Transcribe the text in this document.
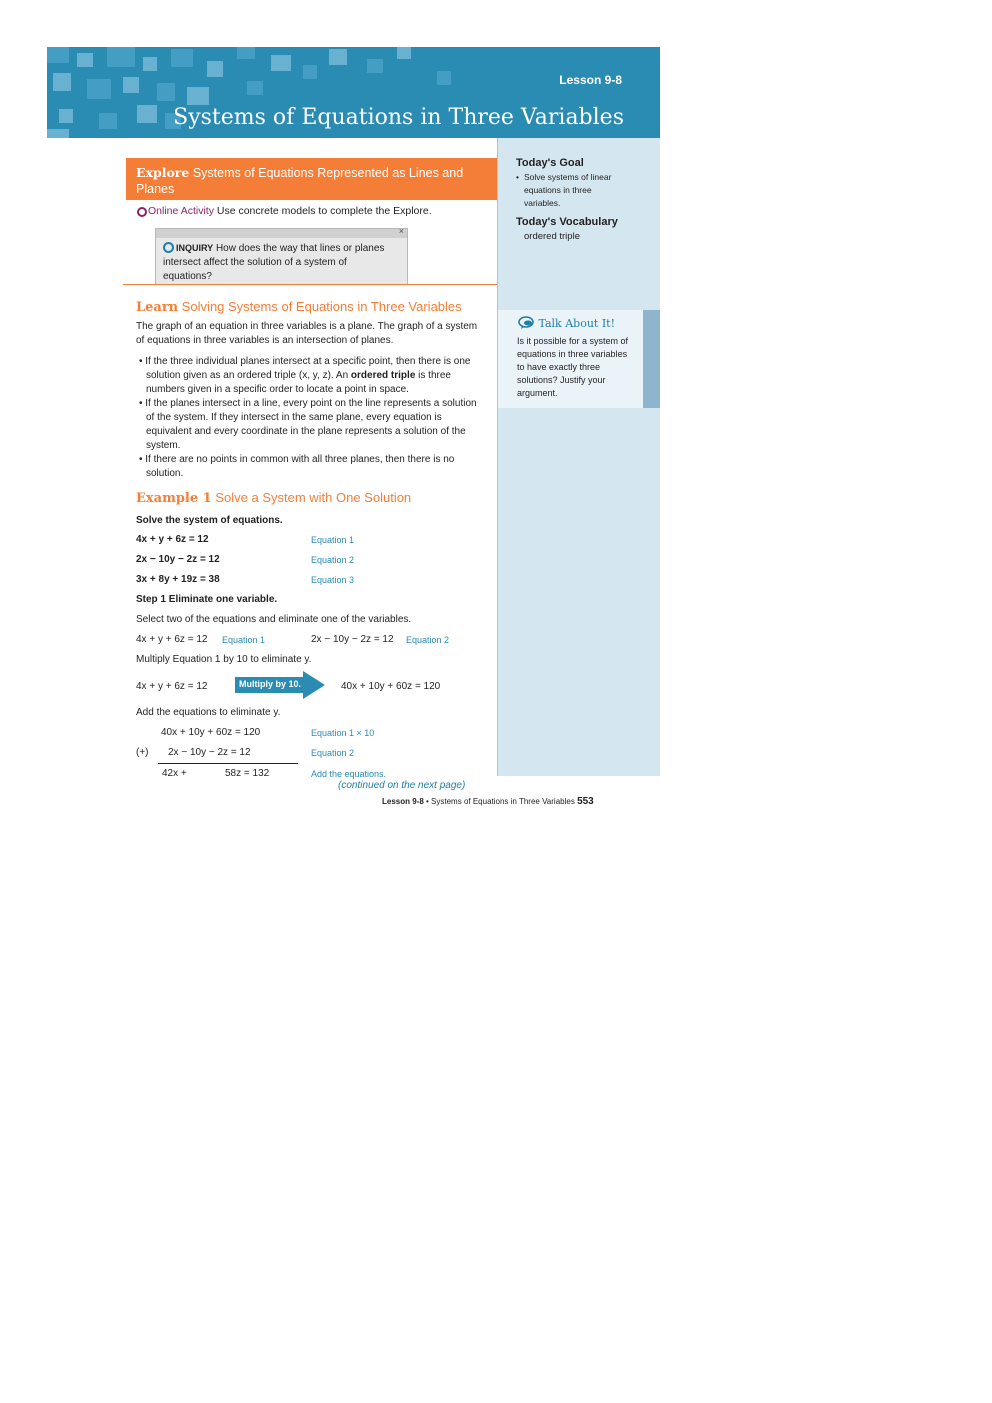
Lesson 9-8
Systems of Equations in Three Variables
Today's Goal
• Solve systems of linear equations in three variables.
Today's Vocabulary
ordered triple
Talk About It!
Is it possible for a system of equations in three variables to have exactly three solutions? Justify your argument.
Explore Systems of Equations Represented as Lines and Planes
Online Activity Use concrete models to complete the Explore.
×
INQUIRY How does the way that lines or planes intersect affect the solution of a system of equations?
Learn Solving Systems of Equations in Three Variables
The graph of an equation in three variables is a plane. The graph of a system of equations in three variables is an intersection of planes.
• If the three individual planes intersect at a specific point, then there is one solution given as an ordered triple (x, y, z). An ordered triple is three numbers given in a specific order to locate a point in space.
• If the planes intersect in a line, every point on the line represents a solution of the system. If they intersect in the same plane, every equation is equivalent and every coordinate in the plane represents a solution of the system.
• If there are no points in common with all three planes, then there is no solution.
Example 1 Solve a System with One Solution
Solve the system of equations.
4x + y + 6z = 12	Equation 1
2x − 10y − 2z = 12	Equation 2
3x + 8y + 19z = 38	Equation 3
Step 1 Eliminate one variable.
Select two of the equations and eliminate one of the variables.
4x + y + 6z = 12 Equation 1	2x − 10y − 2z = 12 Equation 2
Multiply Equation 1 by 10 to eliminate y.
4x + y + 6z = 12	Multiply by 10.	40x + 10y + 60z = 120
Add the equations to eliminate y.
40x + 10y + 60z = 120	Equation 1 × 10
(+) 2x − 10y − 2z = 12	Equation 2
42x +	58z = 132	Add the equations.
(continued on the next page)
Lesson 9-8 • Systems of Equations in Three Variables 553
